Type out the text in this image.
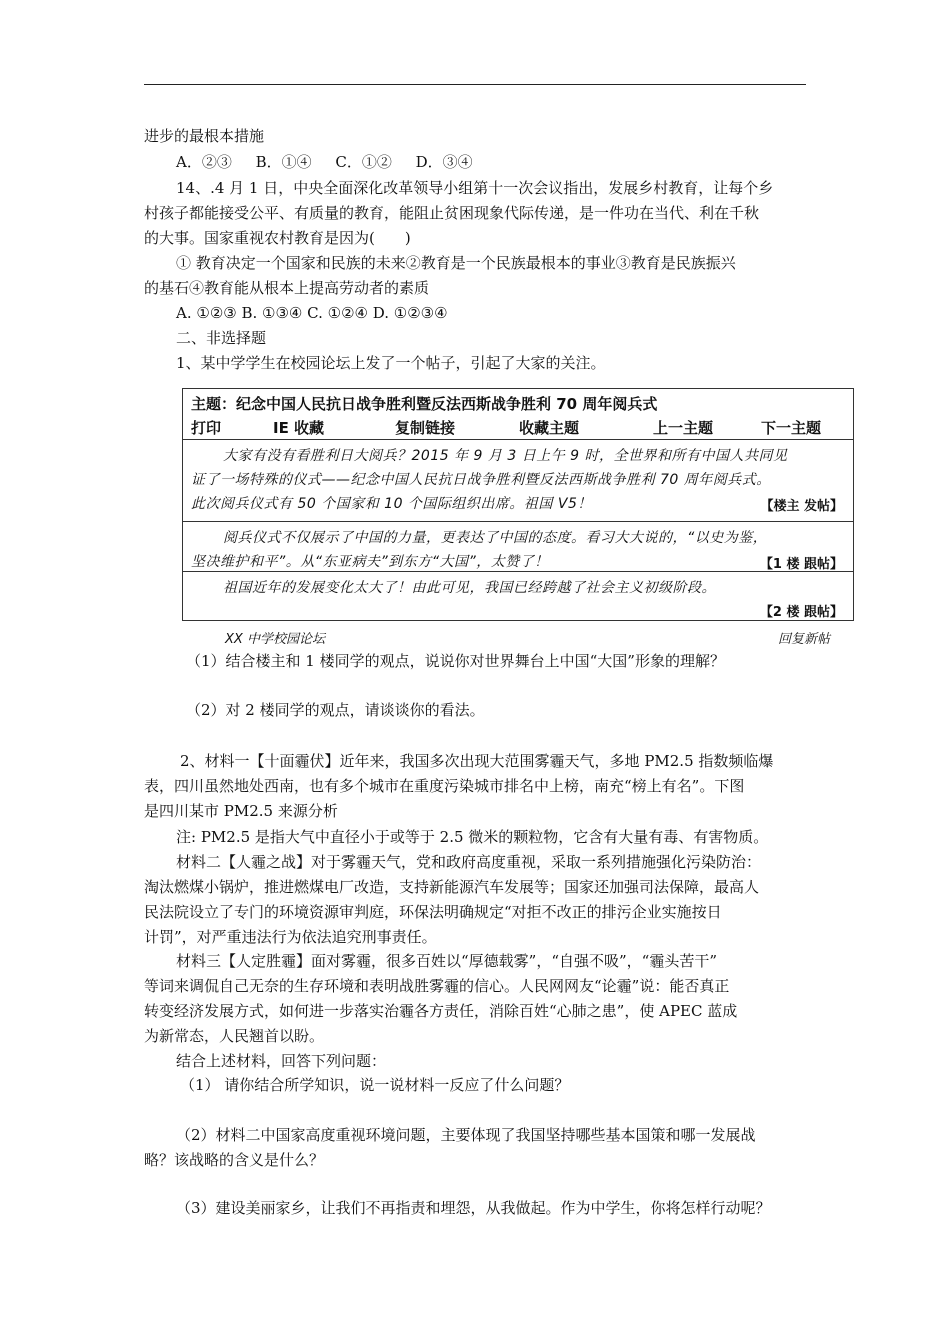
进步的最根本措施
A．②③　 B．①④　 C．①②　 D．③④
14、.4 月 1 日，中央全面深化改革领导小组第十一次会议指出，发展乡村教育，让每个乡
村孩子都能接受公平、有质量的教育，能阻止贫困现象代际传递，是一件功在当代、利在千秋
的大事。国家重视农村教育是因为(　　)
① 教育决定一个国家和民族的未来②教育是一个民族最根本的事业③教育是民族振兴
的基石④教育能从根本上提高劳动者的素质
A. ①②③ B. ①③④ C. ①②④ D. ①②③④
二、非选择题
1、某中学学生在校园论坛上发了一个帖子，引起了大家的关注。
主题：纪念中国人民抗日战争胜利暨反法西斯战争胜利 70 周年阅兵式
打印	IE 收藏	复制链接	收藏主题	上一主题	下一主题
大家有没有看胜利日大阅兵？2015 年 9 月 3 日上午 9 时，全世界和所有中国人共同见
证了一场特殊的仪式——纪念中国人民抗日战争胜利暨反法西斯战争胜利 70 周年阅兵式。
此次阅兵仪式有 50 个国家和 10 个国际组织出席。祖国 V5！	【楼主 发帖】
阅兵仪式不仅展示了中国的力量，更表达了中国的态度。看习大大说的，“以史为鉴，
坚决维护和平”。从“东亚病夫”到东方“大国”，太赞了！	【1 楼 跟帖】
祖国近年的发展变化太大了！由此可见，我国已经跨越了社会主义初级阶段。
【2 楼 跟帖】
XX 中学校园论坛	回复新帖
（1）结合楼主和 1 楼同学的观点，说说你对世界舞台上中国“大国”形象的理解？
（2）对 2 楼同学的观点，请谈谈你的看法。
2、材料一【十面霾伏】近年来，我国多次出现大范围雾霾天气，多地 PM2.5 指数频临爆
表，四川虽然地处西南，也有多个城市在重度污染城市排名中上榜，南充“榜上有名”。下图
是四川某市 PM2.5 来源分析
注: PM2.5 是指大气中直径小于或等于 2.5 微米的颗粒物，它含有大量有毒、有害物质。
材料二【人霾之战】对于雾霾天气，党和政府高度重视，采取一系列措施强化污染防治：
淘汰燃煤小锅炉，推进燃煤电厂改造，支持新能源汽车发展等；国家还加强司法保障，最高人
民法院设立了专门的环境资源审判庭，环保法明确规定“对拒不改正的排污企业实施按日
计罚”，对严重违法行为依法追究刑事责任。
材料三【人定胜霾】面对雾霾，很多百姓以“厚德载雾”，“自强不吸”，“霾头苦干”
等词来调侃自己无奈的生存环境和表明战胜雾霾的信心。人民网网友“论霾”说：能否真正
转变经济发展方式，如何进一步落实治霾各方责任，消除百姓“心肺之患”，使 APEC 蓝成
为新常态，人民翘首以盼。
结合上述材料，回答下列问题：
（1） 请你结合所学知识，说一说材料一反应了什么问题？
（2）材料二中国家高度重视环境问题，主要体现了我国坚持哪些基本国策和哪一发展战
略？该战略的含义是什么？
（3）建设美丽家乡，让我们不再指责和埋怨，从我做起。作为中学生，你将怎样行动呢？
